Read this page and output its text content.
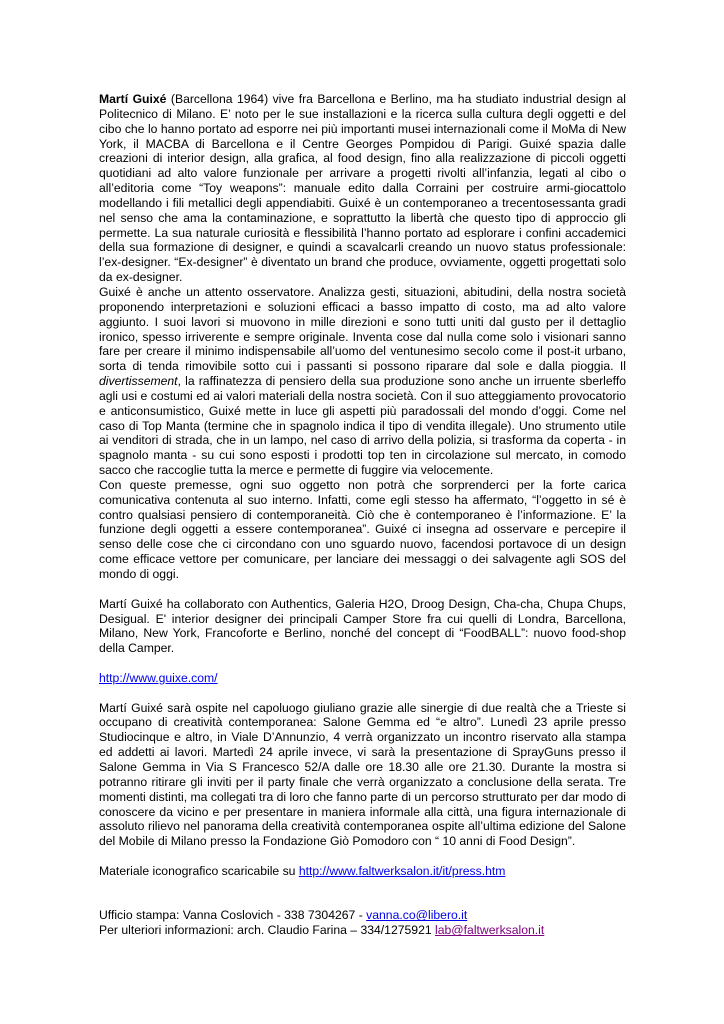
Martí Guixé (Barcellona 1964) vive fra Barcellona e Berlino, ma ha studiato industrial design al Politecnico di Milano. E’ noto per le sue installazioni e la ricerca sulla cultura degli oggetti e del cibo che lo hanno portato ad esporre nei più importanti musei internazionali come il MoMa di New York, il MACBA di Barcellona e il Centre Georges Pompidou di Parigi. Guixé spazia dalle creazioni di interior design, alla grafica, al food design, fino alla realizzazione di piccoli oggetti quotidiani ad alto valore funzionale per arrivare a progetti rivolti all’infanzia, legati al cibo o all’editoria come “Toy weapons”: manuale edito dalla Corraini per costruire armi-giocattolo modellando i fili metallici degli appendiabiti. Guixé è un contemporaneo a trecentosessanta gradi nel senso che ama la contaminazione, e soprattutto la libertà che questo tipo di approccio gli permette. La sua naturale curiosità e flessibilità l’hanno portato ad esplorare i confini accademici della sua formazione di designer, e quindi a scavalcarli creando un nuovo status professionale: l’ex-designer. “Ex-designer” è diventato un brand che produce, ovviamente, oggetti progettati solo da ex-designer.

Guixé è anche un attento osservatore. Analizza gesti, situazioni, abitudini, della nostra società proponendo interpretazioni e soluzioni efficaci a basso impatto di costo, ma ad alto valore aggiunto. I suoi lavori si muovono in mille direzioni e sono tutti uniti dal gusto per il dettaglio ironico, spesso irriverente e sempre originale. Inventa cose dal nulla come solo i visionari sanno fare per creare il minimo indispensabile all’uomo del ventunesimo secolo come il post-it urbano, sorta di tenda rimovibile sotto cui i passanti si possono riparare dal sole e dalla pioggia. Il divertissement, la raffinatezza di pensiero della sua produzione sono anche un irruente sberleffo agli usi e costumi ed ai valori materiali della nostra società. Con il suo atteggiamento provocatorio e anticonsumistico, Guixé mette in luce gli aspetti più paradossali del mondo d’oggi. Come nel caso di Top Manta (termine che in spagnolo indica il tipo di vendita illegale). Uno strumento utile ai venditori di strada, che in un lampo, nel caso di arrivo della polizia, si trasforma da coperta - in spagnolo manta - su cui sono esposti i prodotti top ten in circolazione sul mercato, in comodo sacco che raccoglie tutta la merce e permette di fuggire via velocemente.

Con queste premesse, ogni suo oggetto non potrà che sorprenderci per la forte carica comunicativa contenuta al suo interno. Infatti, come egli stesso ha affermato, “l’oggetto in sé è contro qualsiasi pensiero di contemporaneità. Ciò che è contemporaneo è l’informazione. E’ la funzione degli oggetti a essere contemporanea”. Guixé ci insegna ad osservare e percepire il senso delle cose che ci circondano con uno sguardo nuovo, facendosi portavoce di un design come efficace vettore per comunicare, per lanciare dei messaggi o dei salvagente agli SOS del mondo di oggi.

Martí Guixé ha collaborato con Authentics, Galeria H2O, Droog Design, Cha-cha, Chupa Chups, Desigual. E' interior designer dei principali Camper Store fra cui quelli di Londra, Barcellona, Milano, New York, Francoforte e Berlino, nonché del concept di “FoodBALL”: nuovo food-shop della Camper.

http://www.guixe.com/

Martí Guixé sarà ospite nel capoluogo giuliano grazie alle sinergie di due realtà che a Trieste si occupano di creatività contemporanea: Salone Gemma ed “e altro”. Lunedì 23 aprile presso Studiocinque e altro, in Viale D’Annunzio, 4 verrà organizzato un incontro riservato alla stampa ed addetti ai lavori. Martedì 24 aprile invece, vi sarà la presentazione di SprayGuns presso il Salone Gemma in Via S Francesco 52/A dalle ore 18.30 alle ore 21.30. Durante la mostra si potranno ritirare gli inviti per il party finale che verrà organizzato a conclusione della serata. Tre momenti distinti, ma collegati tra di loro che fanno parte di un percorso strutturato per dar modo di conoscere da vicino e per presentare in maniera informale alla città, una figura internazionale di assoluto rilievo nel panorama della creatività contemporanea ospite all’ultima edizione del Salone del Mobile di Milano presso la Fondazione Giò Pomodoro con “ 10 anni di Food Design”.

Materiale iconografico scaricabile su http://www.faltwerksalon.it/it/press.htm

Ufficio stampa: Vanna Coslovich - 338 7304267 - vanna.co@libero.it

Per ulteriori informazioni: arch. Claudio Farina – 334/1275921 lab@faltwerksalon.it
